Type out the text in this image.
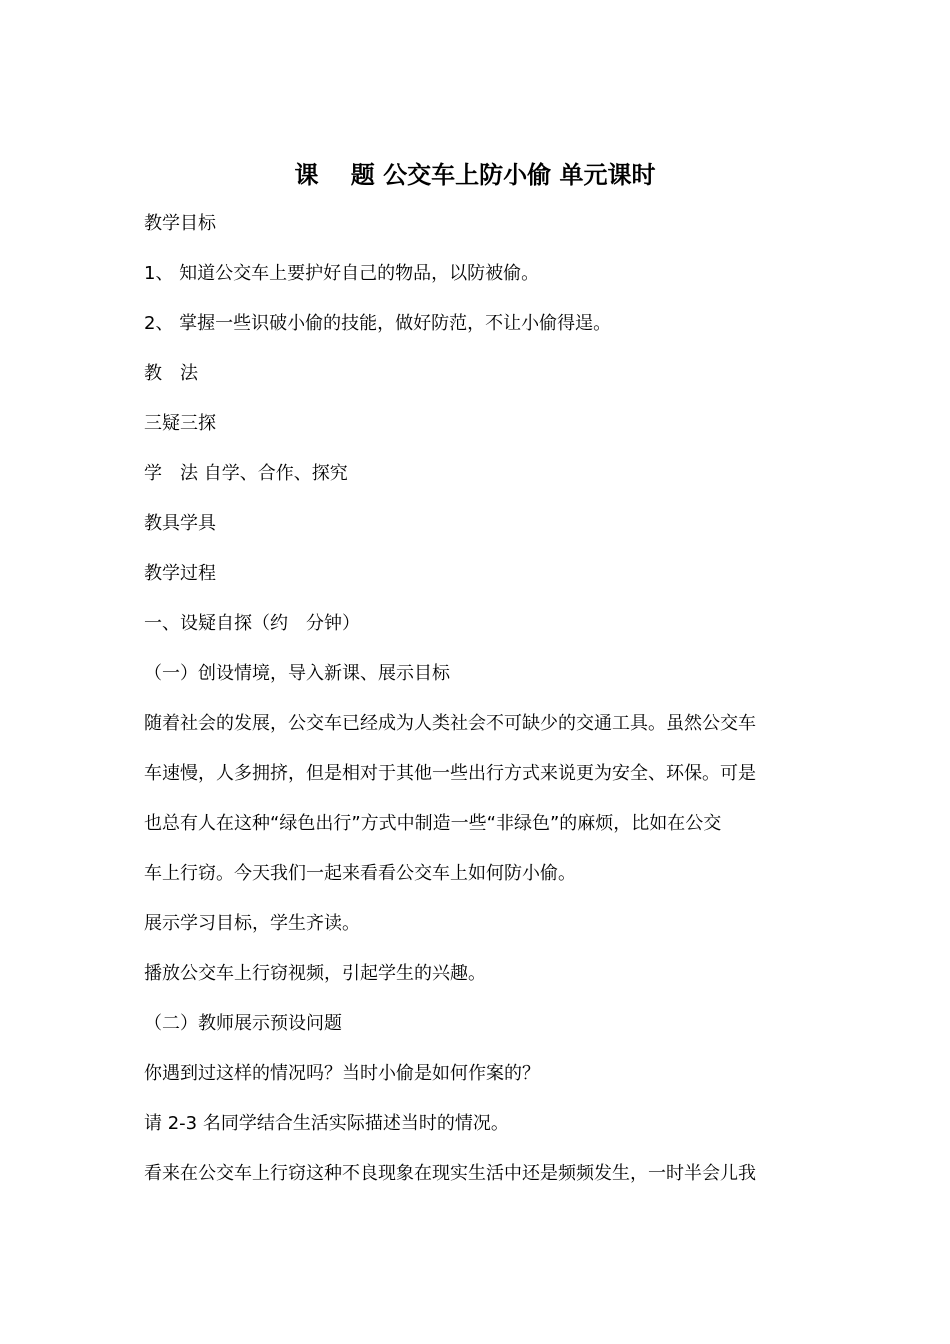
课　 题 公交车上防小偷 单元课时
教学目标
1、 知道公交车上要护好自己的物品，以防被偷。
2、 掌握一些识破小偷的技能，做好防范，不让小偷得逞。
教　法
三疑三探
学　法 自学、合作、探究
教具学具
教学过程
一、设疑自探（约　分钟）
（一）创设情境，导入新课、展示目标
随着社会的发展，公交车已经成为人类社会不可缺少的交通工具。虽然公交车
车速慢，人多拥挤，但是相对于其他一些出行方式来说更为安全、环保。可是
也总有人在这种“绿色出行”方式中制造一些“非绿色”的麻烦，比如在公交
车上行窃。今天我们一起来看看公交车上如何防小偷。
展示学习目标，学生齐读。
播放公交车上行窃视频，引起学生的兴趣。
（二）教师展示预设问题
你遇到过这样的情况吗？当时小偷是如何作案的？
请 2-3 名同学结合生活实际描述当时的情况。
看来在公交车上行窃这种不良现象在现实生活中还是频频发生，一时半会儿我
